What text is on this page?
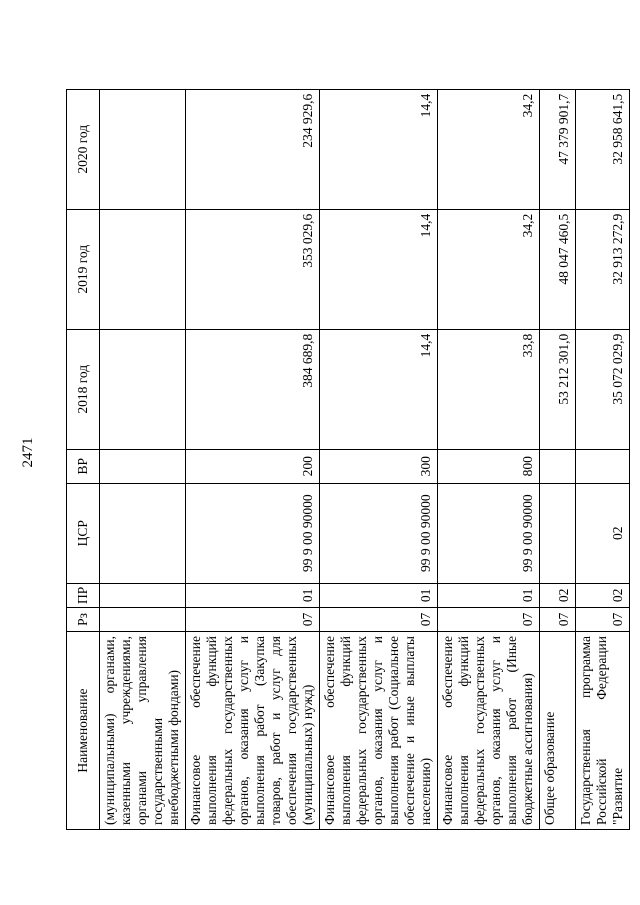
2471
Наименование	Рз	ПР	ЦСР	ВР	2018 год	2019 год	2020 год
(муниципальными) органами, казенными учреждениями, органами управления государственными внебюджетными фондами)							
Финансовое обеспечение выполнения функций федеральных государственных органов, оказания услуг и выполнения работ (Закупка товаров, работ и услуг для обеспечения государственных (муниципальных) нужд)	07	01	99 9 00 90000	200	384 689,8	353 029,6	234 929,6
Финансовое обеспечение выполнения функций федеральных государственных органов, оказания услуг и выполнения работ (Социальное обеспечение и иные выплаты населению)	07	01	99 9 00 90000	300	14,4	14,4	14,4
Финансовое обеспечение выполнения функций федеральных государственных органов, оказания услуг и выполнения работ (Иные бюджетные ассигнования)	07	01	99 9 00 90000	800	33,8	34,2	34,2
Общее образование	07	02			53 212 301,0	48 047 460,5	47 379 901,7
Государственная программа Российской Федерации "Развитие	07	02	02		35 072 029,9	32 913 272,9	32 958 641,5
